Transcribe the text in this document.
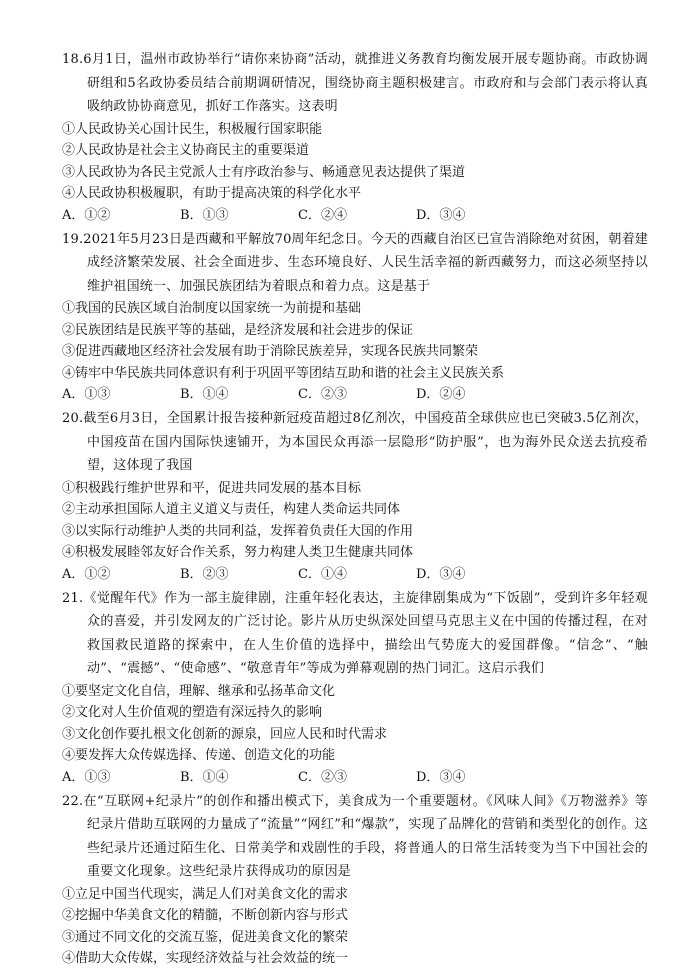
18.6月1日，温州市政协举行“请你来协商”活动，就推进义务教育均衡发展开展专题协商。市政协调研组和5名政协委员结合前期调研情况，围绕协商主题积极建言。市政府和与会部门表示将认真吸纳政协协商意见，抓好工作落实。这表明

①人民政协关心国计民生，积极履行国家职能

②人民政协是社会主义协商民主的重要渠道

③人民政协为各民主党派人士有序政治参与、畅通意见表达提供了渠道

④人民政协积极履职，有助于提高决策的科学化水平

A．①②	B．①③	C．②④	D．③④

19.2021年5月23日是西藏和平解放70周年纪念日。今天的西藏自治区已宣告消除绝对贫困，朝着建成经济繁荣发展、社会全面进步、生态环境良好、人民生活幸福的新西藏努力，而这必须坚持以维护祖国统一、加强民族团结为着眼点和着力点。这是基于

①我国的民族区域自治制度以国家统一为前提和基础

②民族团结是民族平等的基础，是经济发展和社会进步的保证

③促进西藏地区经济社会发展有助于消除民族差异，实现各民族共同繁荣

④铸牢中华民族共同体意识有利于巩固平等团结互助和谐的社会主义民族关系

A．①③	B．①④	C．②③	D．②④

20.截至6月3日，全国累计报告接种新冠疫苗超过8亿剂次，中国疫苗全球供应也已突破3.5亿剂次，中国疫苗在国内国际快速铺开，为本国民众再添一层隐形“防护服”，也为海外民众送去抗疫希望，这体现了我国

①积极践行维护世界和平，促进共同发展的基本目标

②主动承担国际人道主义道义与责任，构建人类命运共同体

③以实际行动维护人类的共同利益，发挥着负责任大国的作用

④积极发展睦邻友好合作关系，努力构建人类卫生健康共同体

A．①②	B．②③	C．①④	D．③④

21.《觉醒年代》作为一部主旋律剧，注重年轻化表达，主旋律剧集成为“下饭剧”，受到许多年轻观众的喜爱，并引发网友的广泛讨论。影片从历史纵深处回望马克思主义在中国的传播过程，在对救国救民道路的探索中，在人生价值的选择中，描绘出气势庞大的爱国群像。“信念”、“触动”、“震撼”、“使命感”、“敬意青年”等成为弹幕观剧的热门词汇。这启示我们

①要坚定文化自信，理解、继承和弘扬革命文化

②文化对人生价值观的塑造有深远持久的影响

③文化创作要扎根文化创新的源泉，回应人民和时代需求

④要发挥大众传媒选择、传递、创造文化的功能

A．①③	B．①④	C．②③	D．③④

22.在“互联网+纪录片”的创作和播出模式下，美食成为一个重要题材。《风味人间》《万物滋养》等纪录片借助互联网的力量成了“流量”“网红”和“爆款”，实现了品牌化的营销和类型化的创作。这些纪录片还通过陌生化、日常美学和戏剧性的手段，将普通人的日常生活转变为当下中国社会的重要文化现象。这些纪录片获得成功的原因是

①立足中国当代现实，满足人们对美食文化的需求

②挖掘中华美食文化的精髓，不断创新内容与形式

③通过不同文化的交流互鉴，促进美食文化的繁荣

④借助大众传媒，实现经济效益与社会效益的统一
